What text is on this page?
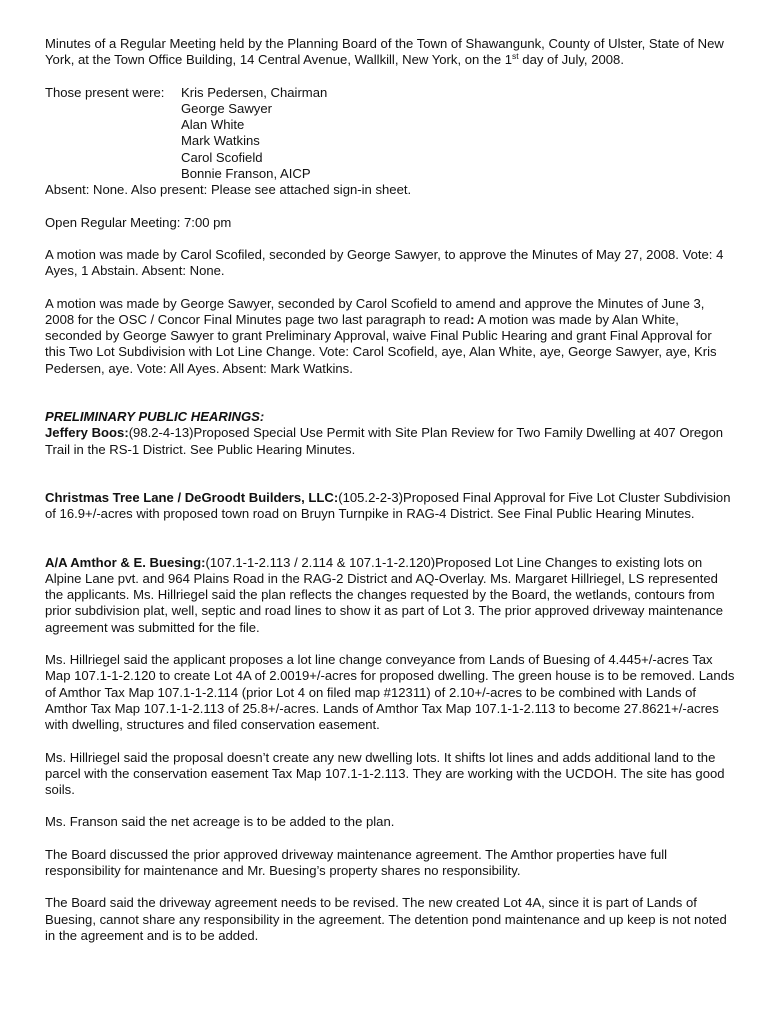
Minutes of a Regular Meeting held by the Planning Board of the Town of Shawangunk, County of Ulster, State of New York, at the Town Office Building, 14 Central Avenue, Wallkill, New York, on the 1st day of July, 2008.

Those present were:	Kris Pedersen, Chairman
George Sawyer
Alan White
Mark Watkins
Carol Scofield
Bonnie Franson, AICP

Absent: None. Also present: Please see attached sign-in sheet.

Open Regular Meeting: 7:00 pm

A motion was made by Carol Scofiled, seconded by George Sawyer, to approve the Minutes of May 27, 2008. Vote: 4 Ayes, 1 Abstain. Absent: None.

A motion was made by George Sawyer, seconded by Carol Scofield to amend and approve the Minutes of June 3, 2008 for the OSC / Concor Final Minutes page two last paragraph to read: A motion was made by Alan White, seconded by George Sawyer to grant Preliminary Approval, waive Final Public Hearing and grant Final Approval for this Two Lot Subdivision with Lot Line Change. Vote: Carol Scofield, aye, Alan White, aye, George Sawyer, aye, Kris Pedersen, aye. Vote: All Ayes. Absent: Mark Watkins.

PRELIMINARY PUBLIC HEARINGS:

Jeffery Boos:(98.2-4-13)Proposed Special Use Permit with Site Plan Review for Two Family Dwelling at 407 Oregon Trail in the RS-1 District. See Public Hearing Minutes.

Christmas Tree Lane / DeGroodt Builders, LLC:(105.2-2-3)Proposed Final Approval for Five Lot Cluster Subdivision of 16.9+/-acres with proposed town road on Bruyn Turnpike in RAG-4 District. See Final Public Hearing Minutes.

A/A Amthor & E. Buesing:(107.1-1-2.113 / 2.114 & 107.1-1-2.120)Proposed Lot Line Changes to existing lots on Alpine Lane pvt. and 964 Plains Road in the RAG-2 District and AQ-Overlay. Ms. Margaret Hillriegel, LS represented the applicants. Ms. Hillriegel said the plan reflects the changes requested by the Board, the wetlands, contours from prior subdivision plat, well, septic and road lines to show it as part of Lot 3. The prior approved driveway maintenance agreement was submitted for the file.

Ms. Hillriegel said the applicant proposes a lot line change conveyance from Lands of Buesing of 4.445+/-acres Tax Map 107.1-1-2.120 to create Lot 4A of 2.0019+/-acres for proposed dwelling. The green house is to be removed. Lands of Amthor Tax Map 107.1-1-2.114 (prior Lot 4 on filed map #12311) of 2.10+/-acres to be combined with Lands of Amthor Tax Map 107.1-1-2.113 of 25.8+/-acres. Lands of Amthor Tax Map 107.1-1-2.113 to become 27.8621+/-acres with dwelling, structures and filed conservation easement.

Ms. Hillriegel said the proposal doesn’t create any new dwelling lots. It shifts lot lines and adds additional land to the parcel with the conservation easement Tax Map 107.1-1-2.113. They are working with the UCDOH. The site has good soils.

Ms. Franson said the net acreage is to be added to the plan.

The Board discussed the prior approved driveway maintenance agreement. The Amthor properties have full responsibility for maintenance and Mr. Buesing’s property shares no responsibility.

The Board said the driveway agreement needs to be revised. The new created Lot 4A, since it is part of Lands of Buesing, cannot share any responsibility in the agreement. The detention pond maintenance and up keep is not noted in the agreement and is to be added.
